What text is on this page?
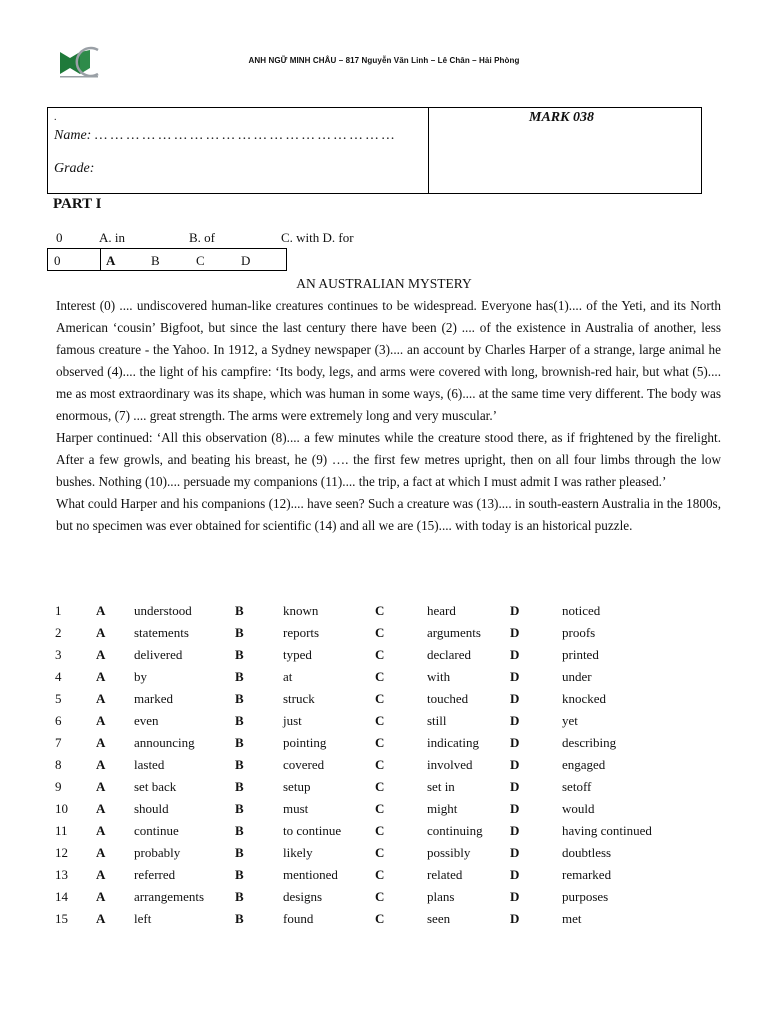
ANH NGỮ MINH CHÂU – 817 Nguyễn Văn Linh – Lê Chân – Hải Phòng
.
Name: … … … … … … … … … … … … … … … … … … …
Grade:
MARK 038
PART I
0	A. in	B. of	C. with D. for
0	A	B	C	D
AN AUSTRALIAN MYSTERY

Interest (0) .... undiscovered human-like creatures continues to be widespread. Everyone has(1).... of the Yeti, and its North American ‘cousin’ Bigfoot, but since the last century there have been (2) .... of the existence in Australia of another, less famous creature - the Yahoo. In 1912, a Sydney newspaper (3).... an account by Charles Harper of a strange, large animal he observed (4).... the light of his campfire: ‘Its body, legs, and arms were covered with long, brownish-red hair, but what (5).... me as most extraordinary was its shape, which was human in some ways, (6).... at the same time very different. The body was enormous, (7) .... great strength. The arms were extremely long and very muscular.’

Harper continued: ‘All this observation (8).... a few minutes while the creature stood there, as if frightened by the firelight. After a few growls, and beating his breast, he (9) …. the first few metres upright, then on all four limbs through the low bushes. Nothing (10).... persuade my companions (11).... the trip, a fact at which I must admit I was rather pleased.’

What could Harper and his companions (12).... have seen? Such a creature was (13).... in south-eastern Australia in the 1800s, but no specimen was ever obtained for scientific (14) and all we are (15).... with today is an historical puzzle.

1	A understood	B	known	C	heard	D	noticed
2	A statements	B	reports	C	arguments D	proofs
3	A delivered	B	typed	C	declared	D	printed
4	A by	B	at	C	with	D	under
5	A marked	B	struck	C	touched	D	knocked
6	A even	B	just	C	still	D	yet
7	A announcing	B	pointing	C	indicating D	describing
8	A lasted	B	covered	C	involved	D	engaged
9	A set back	B	setup	C	set in	D	setoff
10 A should	B	must	C	might	D	would
11 A continue	B	to continue	C	continuing D	having continued
12 A probably	B	likely	C	possibly	D	doubtless
13 A referred	B	mentioned	C	related	D	remarked
14 A arrangements B	designs	C	plans	D	purposes
15 A left	B	found	C	seen	D	met
